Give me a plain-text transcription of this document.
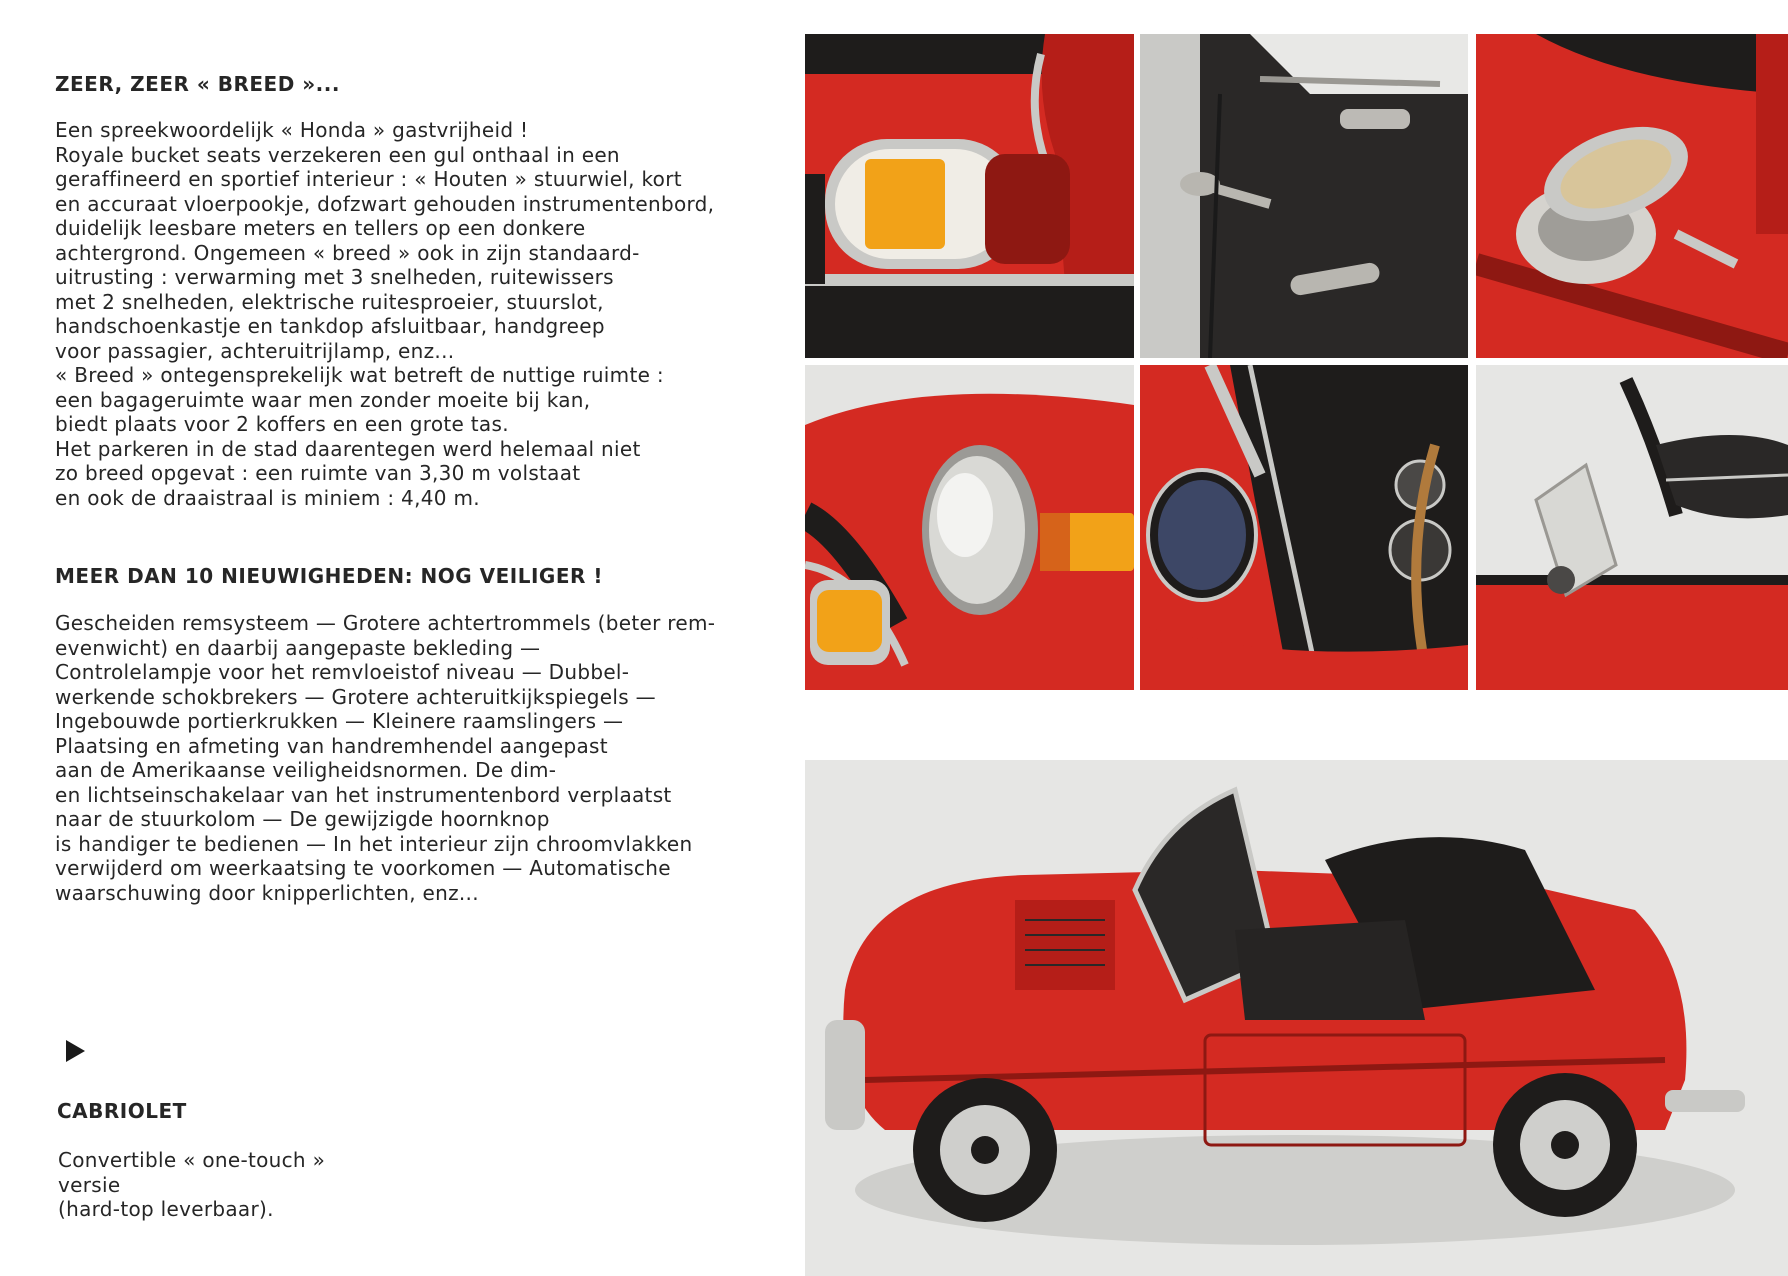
ZEER, ZEER « BREED »...
Een spreekwoordelijk « Honda » gastvrijheid !
Royale bucket seats verzekeren een gul onthaal in een
geraffineerd en sportief interieur : « Houten » stuurwiel, kort
en accuraat vloerpookje, dofzwart gehouden instrumentenbord,
duidelijk leesbare meters en tellers op een donkere
achtergrond. Ongemeen « breed » ook in zijn standaard-
uitrusting : verwarming met 3 snelheden, ruitewissers
met 2 snelheden, elektrische ruitesproeier, stuurslot,
handschoenkastje en tankdop afsluitbaar, handgreep
voor passagier, achteruitrijlamp, enz...
« Breed » ontegensprekelijk wat betreft de nuttige ruimte :
een bagageruimte waar men zonder moeite bij kan,
biedt plaats voor 2 koffers en een grote tas.
Het parkeren in de stad daarentegen werd helemaal niet
zo breed opgevat : een ruimte van 3,30 m volstaat
en ook de draaistraal is miniem : 4,40 m.
MEER DAN 10 NIEUWIGHEDEN: NOG VEILIGER !
Gescheiden remsysteem — Grotere achtertrommels (beter rem-
evenwicht) en daarbij aangepaste bekleding —
Controlelampje voor het remvloeistof niveau — Dubbel-
werkende schokbrekers — Grotere achteruitkijkspiegels —
Ingebouwde portierkrukken — Kleinere raamslingers —
Plaatsing en afmeting van handremhendel aangepast
aan de Amerikaanse veiligheidsnormen. De dim-
en lichtseinschakelaar van het instrumentenbord verplaatst
naar de stuurkolom — De gewijzigde hoornknop
is handiger te bedienen — In het interieur zijn chroomvlakken
verwijderd om weerkaatsing te voorkomen — Automatische
waarschuwing door knipperlichten, enz...
CABRIOLET
Convertible « one-touch »
versie
(hard-top leverbaar).
